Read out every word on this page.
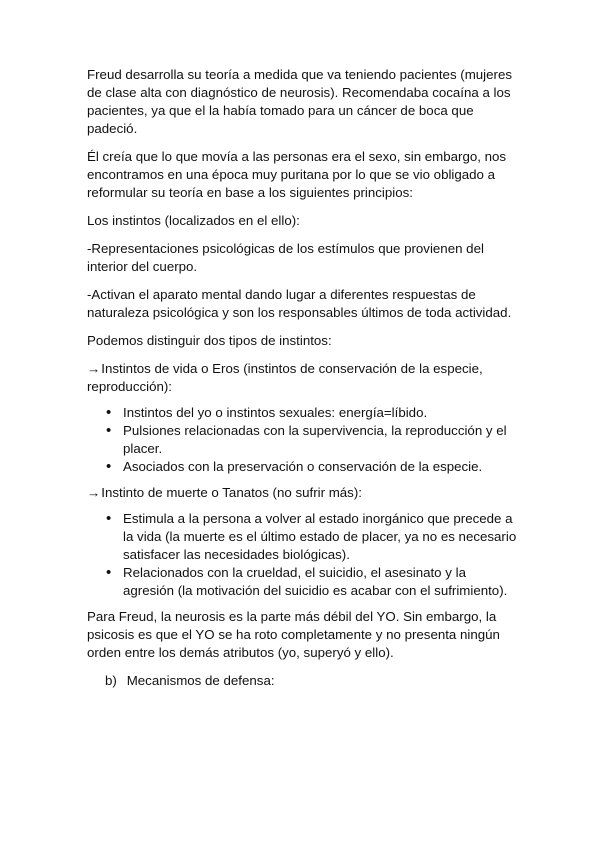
Freud desarrolla su teoría a medida que va teniendo pacientes (mujeres de clase alta con diagnóstico de neurosis). Recomendaba cocaína a los pacientes, ya que el la había tomado para un cáncer de boca que padeció.

Él creía que lo que movía a las personas era el sexo, sin embargo, nos encontramos en una época muy puritana por lo que se vio obligado a reformular su teoría en base a los siguientes principios:

Los instintos (localizados en el ello):

-Representaciones psicológicas de los estímulos que provienen del interior del cuerpo.

-Activan el aparato mental dando lugar a diferentes respuestas de naturaleza psicológica y son los responsables últimos de toda actividad.

Podemos distinguir dos tipos de instintos:

→Instintos de vida o Eros (instintos de conservación de la especie, reproducción):

• Instintos del yo o instintos sexuales: energía=líbido.
• Pulsiones relacionadas con la supervivencia, la reproducción y el placer.
• Asociados con la preservación o conservación de la especie.

→Instinto de muerte o Tanatos (no sufrir más):

• Estimula a la persona a volver al estado inorgánico que precede a la vida (la muerte es el último estado de placer, ya no es necesario satisfacer las necesidades biológicas).
• Relacionados con la crueldad, el suicidio, el asesinato y la agresión (la motivación del suicidio es acabar con el sufrimiento).

Para Freud, la neurosis es la parte más débil del YO. Sin embargo, la psicosis es que el YO se ha roto completamente y no presenta ningún orden entre los demás atributos (yo, superyó y ello).

b) Mecanismos de defensa:
